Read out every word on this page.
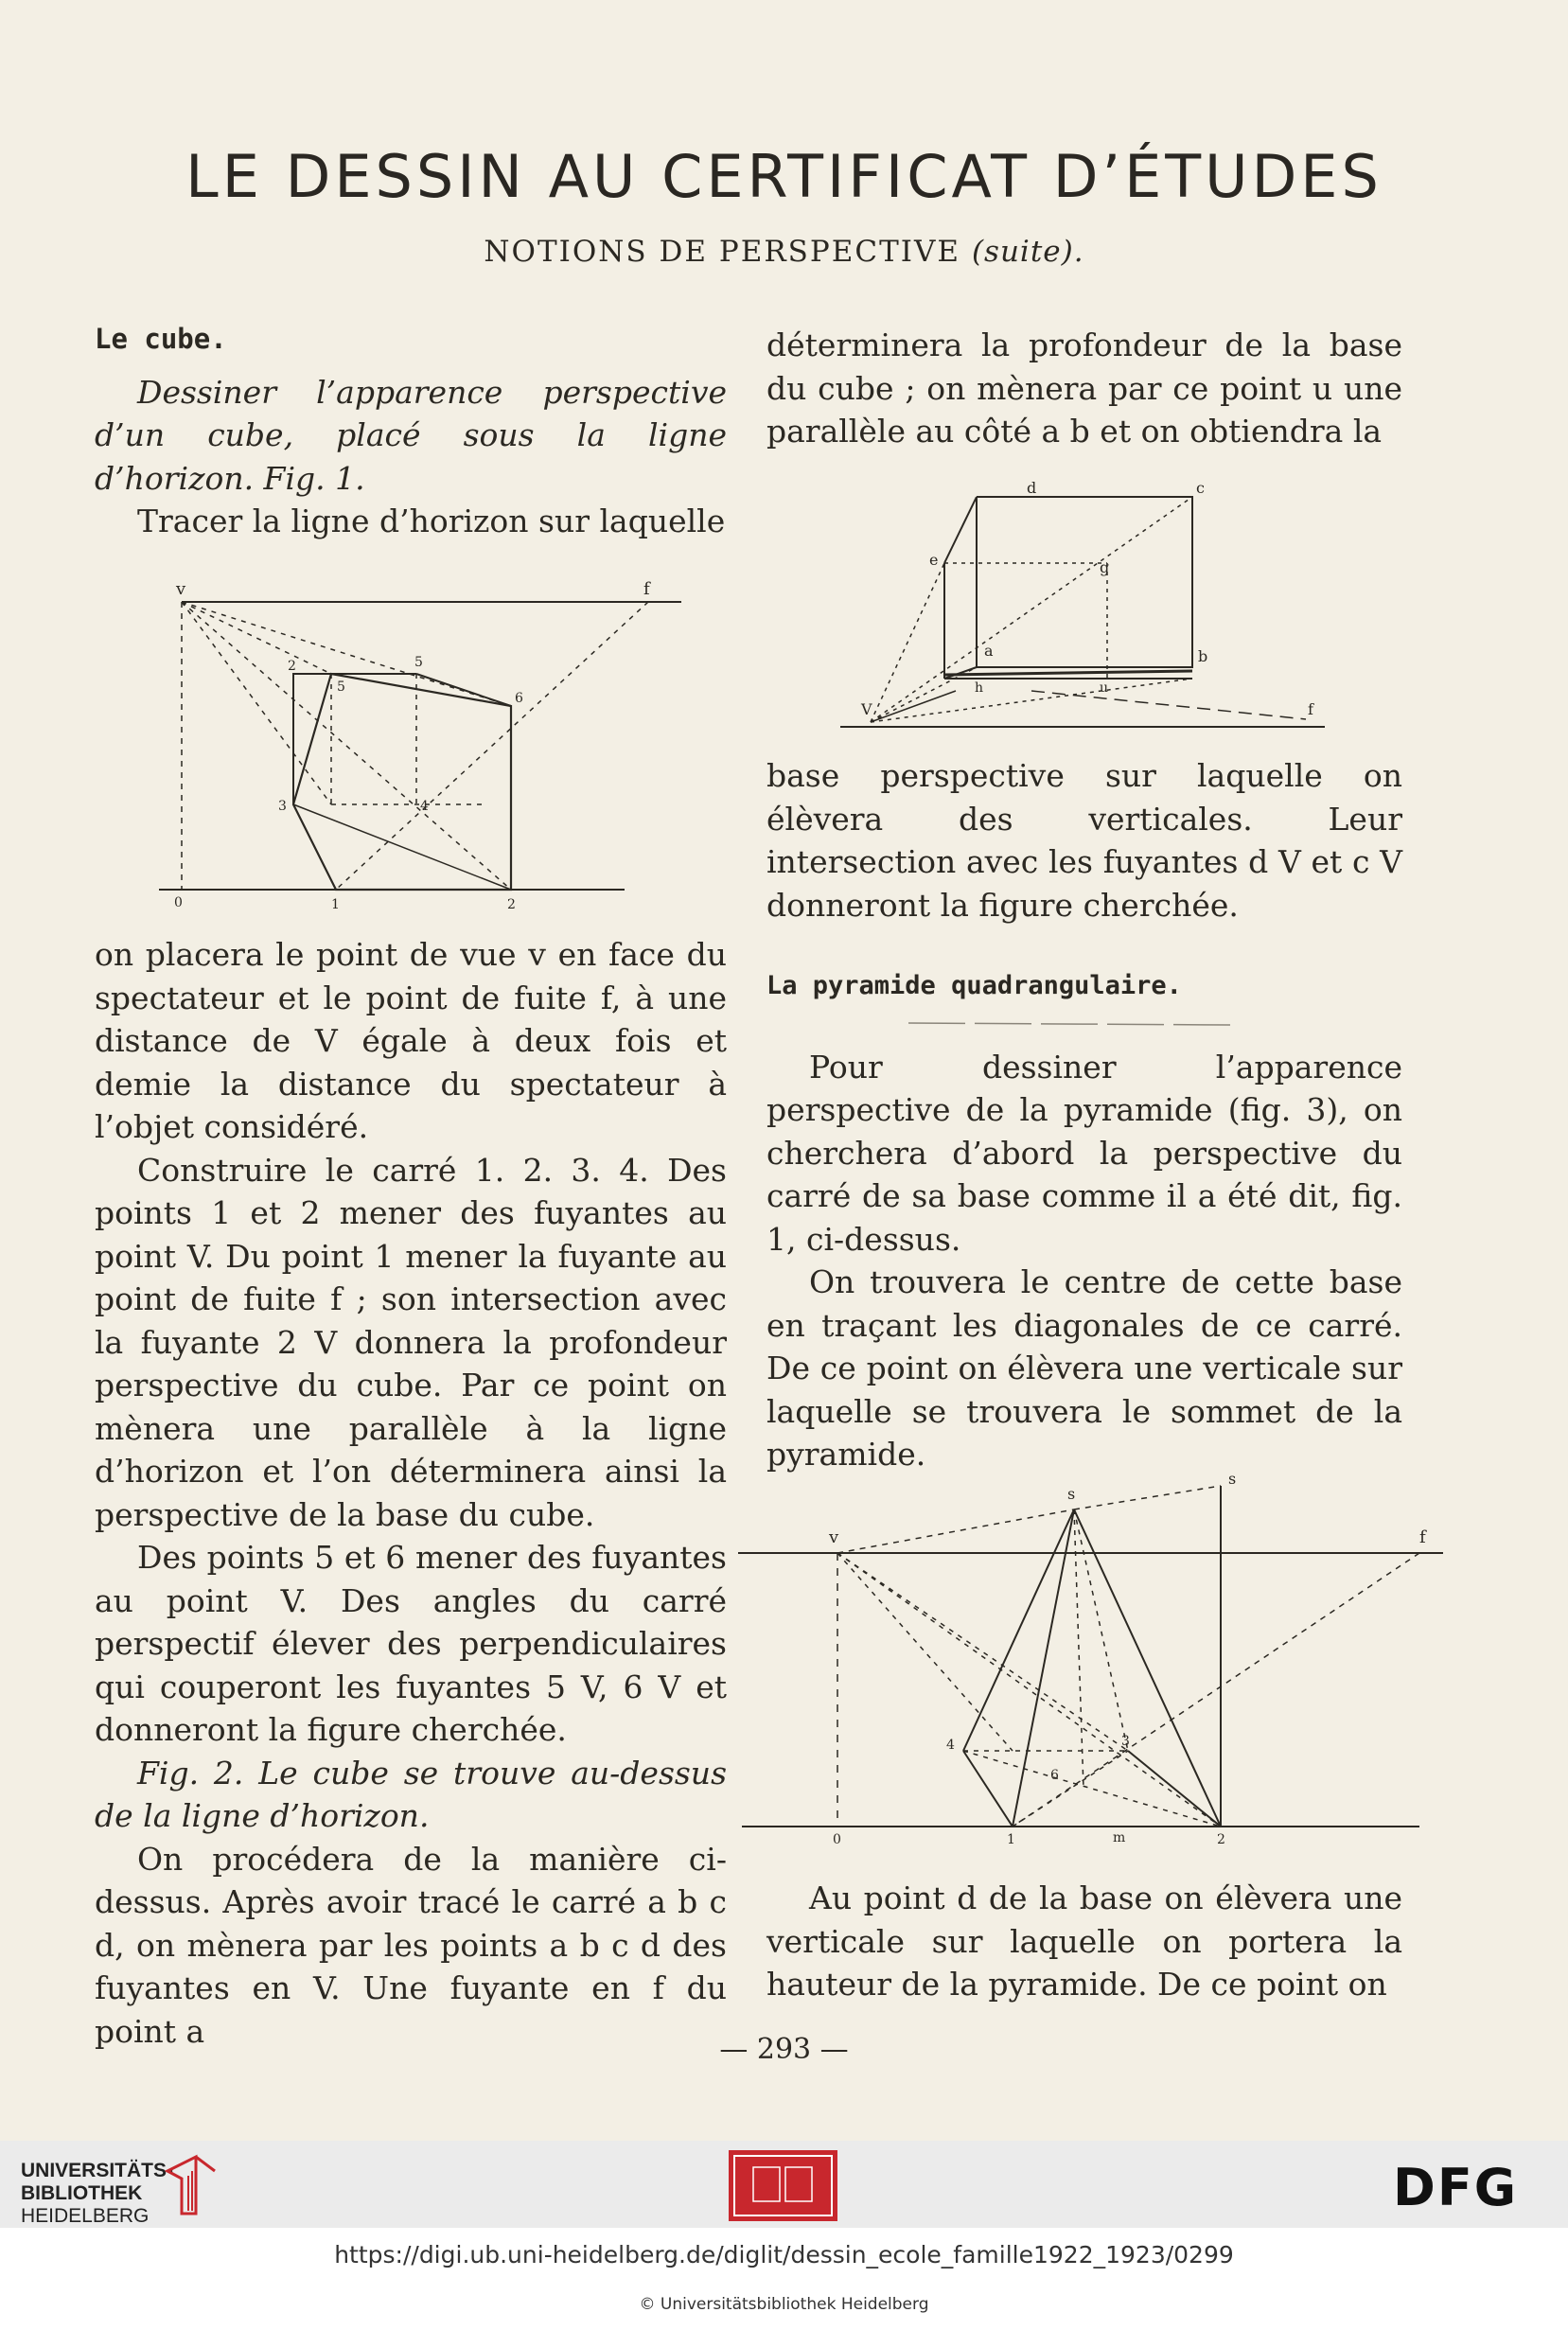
LE DESSIN AU CERTIFICAT D’ÉTUDES
NOTIONS DE PERSPECTIVE (suite).

Le cube.

Dessiner l’apparence perspective d’un cube, placé sous la ligne d’horizon. Fig. 1.

Tracer la ligne d’horizon sur laquelle

v	f
2	5
5
6
3	4
0	1	2

on placera le point de vue v en face du spectateur et le point de fuite f, à une distance de V égale à deux fois et demie la distance du spectateur à l’objet considéré.

Construire le carré 1. 2. 3. 4. Des points 1 et 2 mener des fuyantes au point V. Du point 1 mener la fuyante au point de fuite f ; son intersection avec la fuyante 2 V donnera la profondeur perspective du cube. Par ce point on mènera une parallèle à la ligne d’horizon et l’on déterminera ainsi la perspective de la base du cube.

Des points 5 et 6 mener des fuyantes au point V. Des angles du carré perspectif élever des perpendiculaires qui couperont les fuyantes 5 V, 6 V et donneront la figure cherchée.

Fig. 2. Le cube se trouve au-dessus de la ligne d’horizon.

On procédera de la manière ci-dessus. Après avoir tracé le carré a b c d, on mènera par les points a b c d des fuyantes en V. Une fuyante en f du point a

déterminera la profondeur de la base du cube ; on mènera par ce point u une parallèle au côté a b et on obtiendra la

d	c
e	g
a	b
V
h	u
f

base perspective sur laquelle on élèvera des verticales. Leur intersection avec les fuyantes d V et c V donneront la figure cherchée.

La pyramide quadrangulaire.

Pour dessiner l’apparence perspective de la pyramide (fig. 3), on cherchera d’abord la perspective du carré de sa base comme il a été dit, fig. 1, ci-dessus.

On trouvera le centre de cette base en traçant les diagonales de ce carré. De ce point on élèvera une verticale sur laquelle se trouvera le sommet de la pyramide.

v
s
s
f
4	3
6
0	1	m	2

Au point d de la base on élèvera une verticale sur laquelle on portera la hauteur de la pyramide. De ce point on

— 293 —
UNIVERSITÄTS-
BIBLIOTHEK
HEIDELBERG	DFG
https://digi.ub.uni-heidelberg.de/diglit/dessin_ecole_famille1922_1923/0299
© Universitätsbibliothek Heidelberg
